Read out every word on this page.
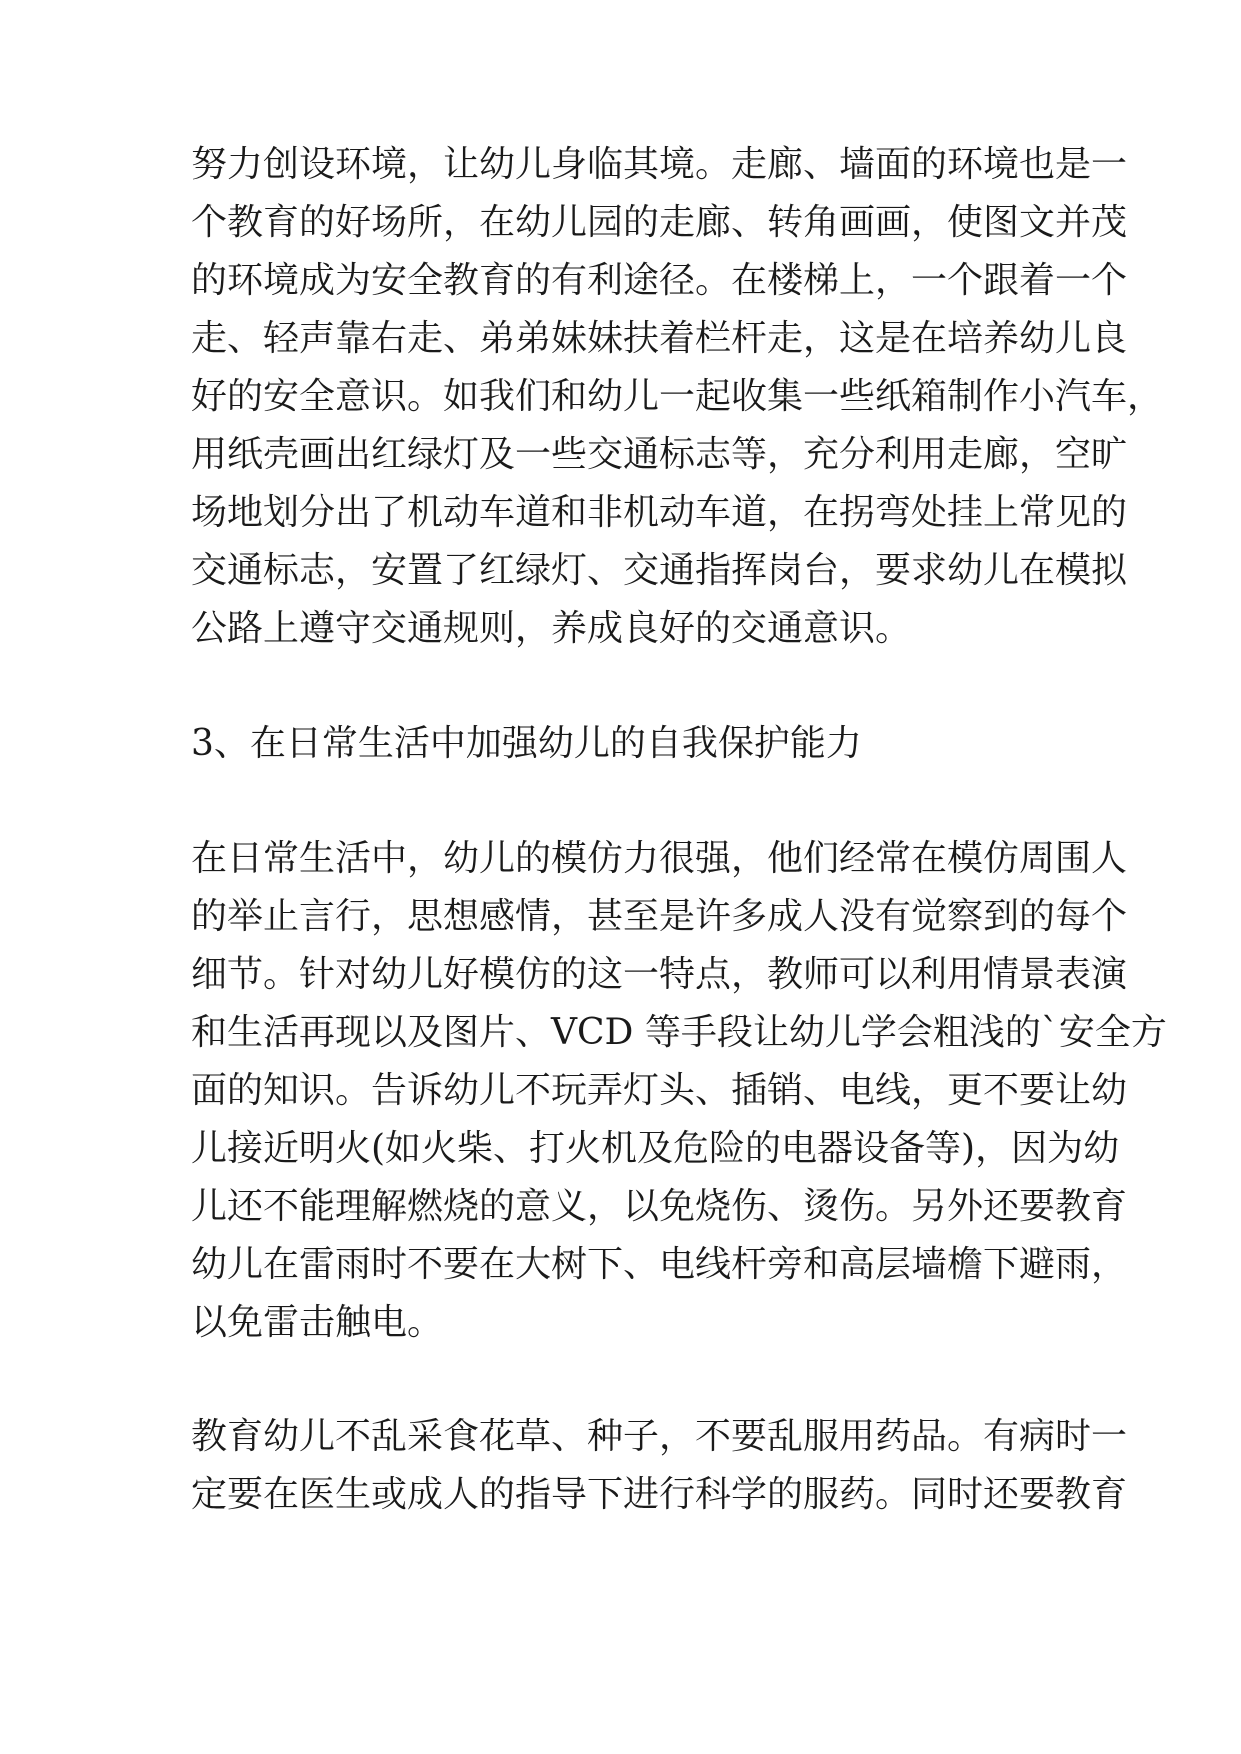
努力创设环境，让幼儿身临其境。走廊、墙面的环境也是一
个教育的好场所，在幼儿园的走廊、转角画画，使图文并茂
的环境成为安全教育的有利途径。在楼梯上，一个跟着一个
走、轻声靠右走、弟弟妹妹扶着栏杆走，这是在培养幼儿良
好的安全意识。如我们和幼儿一起收集一些纸箱制作小汽车，
用纸壳画出红绿灯及一些交通标志等，充分利用走廊，空旷
场地划分出了机动车道和非机动车道，在拐弯处挂上常见的
交通标志，安置了红绿灯、交通指挥岗台，要求幼儿在模拟
公路上遵守交通规则，养成良好的交通意识。
3、在日常生活中加强幼儿的自我保护能力
在日常生活中，幼儿的模仿力很强，他们经常在模仿周围人
的举止言行，思想感情，甚至是许多成人没有觉察到的每个
细节。针对幼儿好模仿的这一特点，教师可以利用情景表演
和生活再现以及图片、VCD 等手段让幼儿学会粗浅的`安全方
面的知识。告诉幼儿不玩弄灯头、插销、电线，更不要让幼
儿接近明火(如火柴、打火机及危险的电器设备等)，因为幼
儿还不能理解燃烧的意义，以免烧伤、烫伤。另外还要教育
幼儿在雷雨时不要在大树下、电线杆旁和高层墙檐下避雨，
以免雷击触电。
教育幼儿不乱采食花草、种子，不要乱服用药品。有病时一
定要在医生或成人的指导下进行科学的服药。同时还要教育
